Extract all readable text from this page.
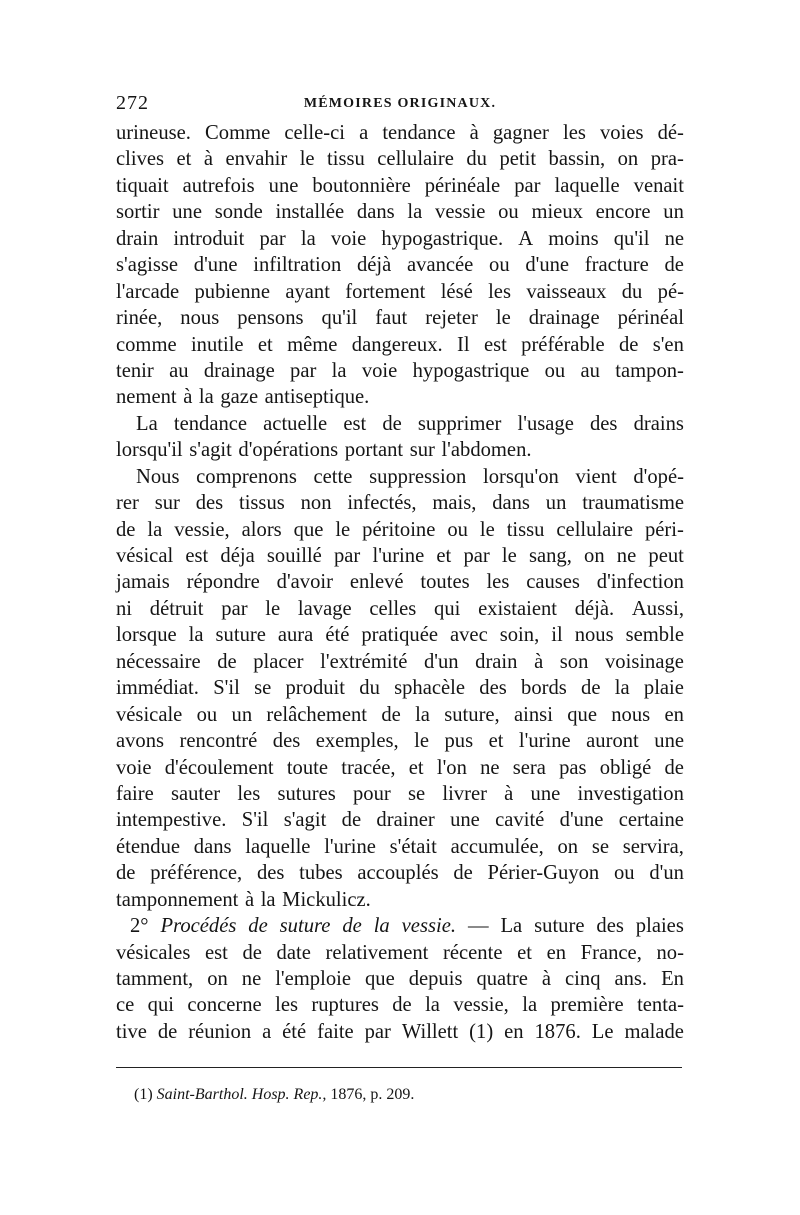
272	MÉMOIRES ORIGINAUX.
urineuse. Comme celle-ci a tendance à gagner les voies dé-
clives et à envahir le tissu cellulaire du petit bassin, on pra-
tiquait autrefois une boutonnière périnéale par laquelle venait
sortir une sonde installée dans la vessie ou mieux encore un
drain introduit par la voie hypogastrique. A moins qu'il ne
s'agisse d'une infiltration déjà avancée ou d'une fracture de
l'arcade pubienne ayant fortement lésé les vaisseaux du pé-
rinée, nous pensons qu'il faut rejeter le drainage périnéal
comme inutile et même dangereux. Il est préférable de s'en
tenir au drainage par la voie hypogastrique ou au tampon-
nement à la gaze antiseptique.
La tendance actuelle est de supprimer l'usage des drains
lorsqu'il s'agit d'opérations portant sur l'abdomen.
Nous comprenons cette suppression lorsqu'on vient d'opé-
rer sur des tissus non infectés, mais, dans un traumatisme
de la vessie, alors que le péritoine ou le tissu cellulaire péri-
vésical est déja souillé par l'urine et par le sang, on ne peut
jamais répondre d'avoir enlevé toutes les causes d'infection
ni détruit par le lavage celles qui existaient déjà. Aussi,
lorsque la suture aura été pratiquée avec soin, il nous semble
nécessaire de placer l'extrémité d'un drain à son voisinage
immédiat. S'il se produit du sphacèle des bords de la plaie
vésicale ou un relâchement de la suture, ainsi que nous en
avons rencontré des exemples, le pus et l'urine auront une
voie d'écoulement toute tracée, et l'on ne sera pas obligé de
faire sauter les sutures pour se livrer à une investigation
intempestive. S'il s'agit de drainer une cavité d'une certaine
étendue dans laquelle l'urine s'était accumulée, on se servira,
de préférence, des tubes accouplés de Périer-Guyon ou d'un
tamponnement à la Mickulicz.
2° Procédés de suture de la vessie. — La suture des plaies
vésicales est de date relativement récente et en France, no-
tamment, on ne l'emploie que depuis quatre à cinq ans. En
ce qui concerne les ruptures de la vessie, la première tenta-
tive de réunion a été faite par Willett (1) en 1876. Le malade
(1) Saint-Barthol. Hosp. Rep., 1876, p. 209.
